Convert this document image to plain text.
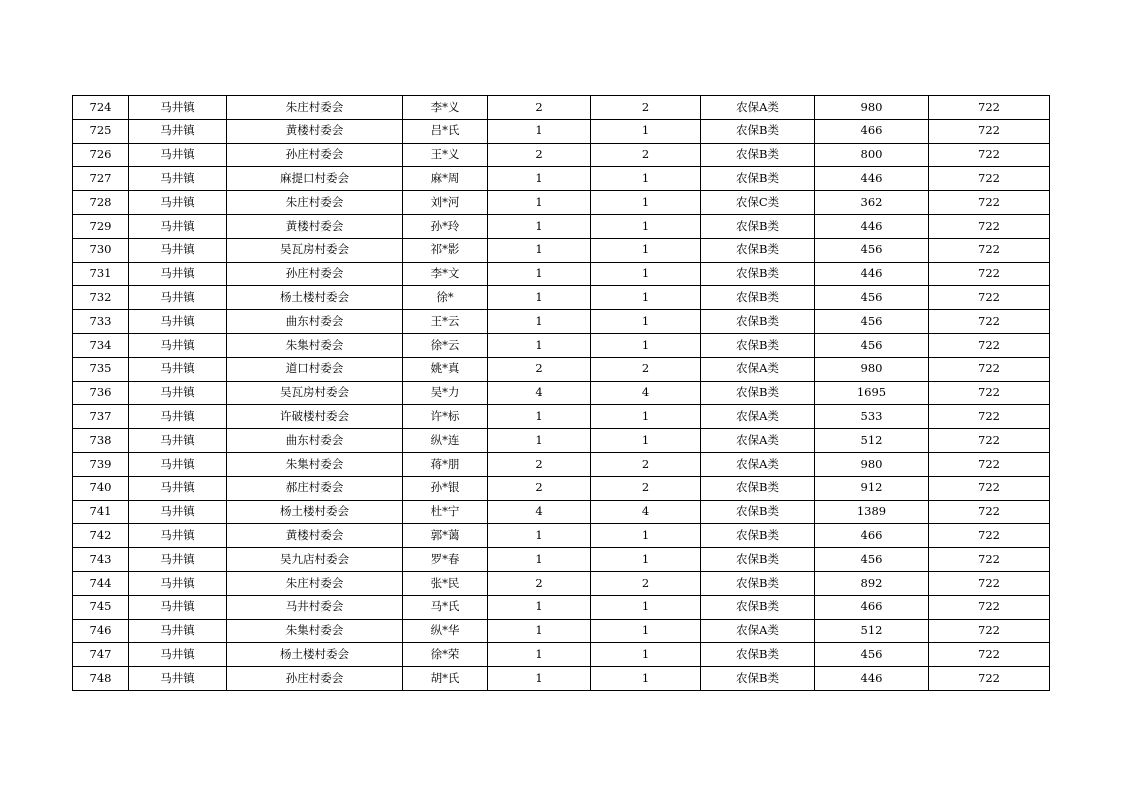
724	马井镇	朱庄村委会	李*义	2	2	农保A类	980	722
725	马井镇	黄楼村委会	吕*氏	1	1	农保B类	466	722
726	马井镇	孙庄村委会	王*义	2	2	农保B类	800	722
727	马井镇	麻提口村委会	麻*周	1	1	农保B类	446	722
728	马井镇	朱庄村委会	刘*河	1	1	农保C类	362	722
729	马井镇	黄楼村委会	孙*玲	1	1	农保B类	446	722
730	马井镇	吴瓦房村委会	祁*影	1	1	农保B类	456	722
731	马井镇	孙庄村委会	李*文	1	1	农保B类	446	722
732	马井镇	杨土楼村委会	徐*	1	1	农保B类	456	722
733	马井镇	曲东村委会	王*云	1	1	农保B类	456	722
734	马井镇	朱集村委会	徐*云	1	1	农保B类	456	722
735	马井镇	道口村委会	姚*真	2	2	农保A类	980	722
736	马井镇	吴瓦房村委会	吴*力	4	4	农保B类	1695	722
737	马井镇	许破楼村委会	许*标	1	1	农保A类	533	722
738	马井镇	曲东村委会	纵*连	1	1	农保A类	512	722
739	马井镇	朱集村委会	蒋*朋	2	2	农保A类	980	722
740	马井镇	郝庄村委会	孙*银	2	2	农保B类	912	722
741	马井镇	杨土楼村委会	杜*宁	4	4	农保B类	1389	722
742	马井镇	黄楼村委会	郭*蔼	1	1	农保B类	466	722
743	马井镇	吴九店村委会	罗*春	1	1	农保B类	456	722
744	马井镇	朱庄村委会	张*民	2	2	农保B类	892	722
745	马井镇	马井村委会	马*氏	1	1	农保B类	466	722
746	马井镇	朱集村委会	纵*华	1	1	农保A类	512	722
747	马井镇	杨土楼村委会	徐*荣	1	1	农保B类	456	722
748	马井镇	孙庄村委会	胡*氏	1	1	农保B类	446	722
